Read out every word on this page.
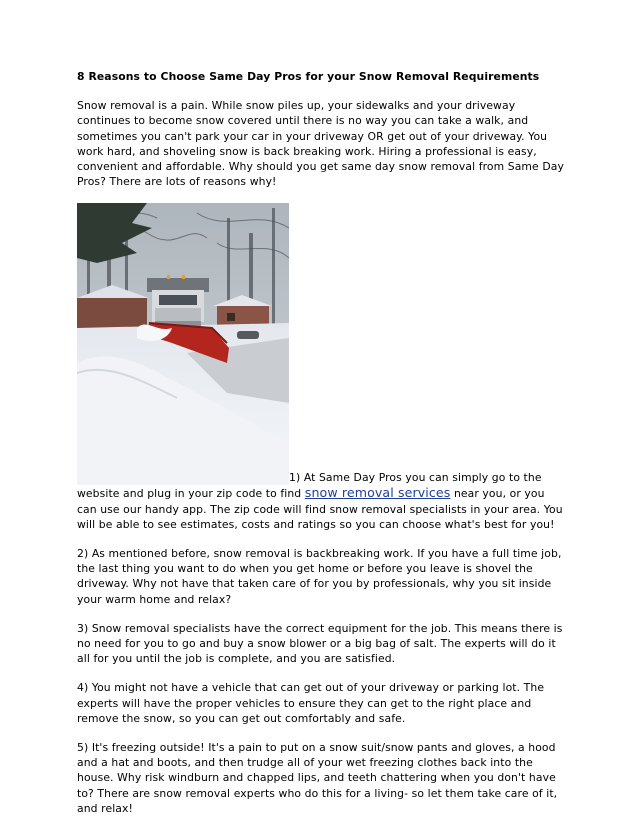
8 Reasons to Choose Same Day Pros for your Snow Removal Requirements

Snow removal is a pain. While snow piles up, your sidewalks and your driveway continues to become snow covered until there is no way you can take a walk, and sometimes you can't park your car in your driveway OR get out of your driveway. You work hard, and shoveling snow is back breaking work. Hiring a professional is easy, convenient and affordable. Why should you get same day snow removal from Same Day Pros? There are lots of reasons why!

1) At Same Day Pros you can simply go to the website and plug in your zip code to find snow removal services near you, or you can use our handy app. The zip code will find snow removal specialists in your area. You will be able to see estimates, costs and ratings so you can choose what's best for you!

2) As mentioned before, snow removal is backbreaking work. If you have a full time job, the last thing you want to do when you get home or before you leave is shovel the driveway. Why not have that taken care of for you by professionals, why you sit inside your warm home and relax?

3) Snow removal specialists have the correct equipment for the job. This means there is no need for you to go and buy a snow blower or a big bag of salt. The experts will do it all for you until the job is complete, and you are satisfied.

4) You might not have a vehicle that can get out of your driveway or parking lot. The experts will have the proper vehicles to ensure they can get to the right place and remove the snow, so you can get out comfortably and safe.

5) It's freezing outside! It's a pain to put on a snow suit/snow pants and gloves, a hood and a hat and boots, and then trudge all of your wet freezing clothes back into the house. Why risk windburn and chapped lips, and teeth chattering when you don't have to? There are snow removal experts who do this for a living- so let them take care of it, and relax!
